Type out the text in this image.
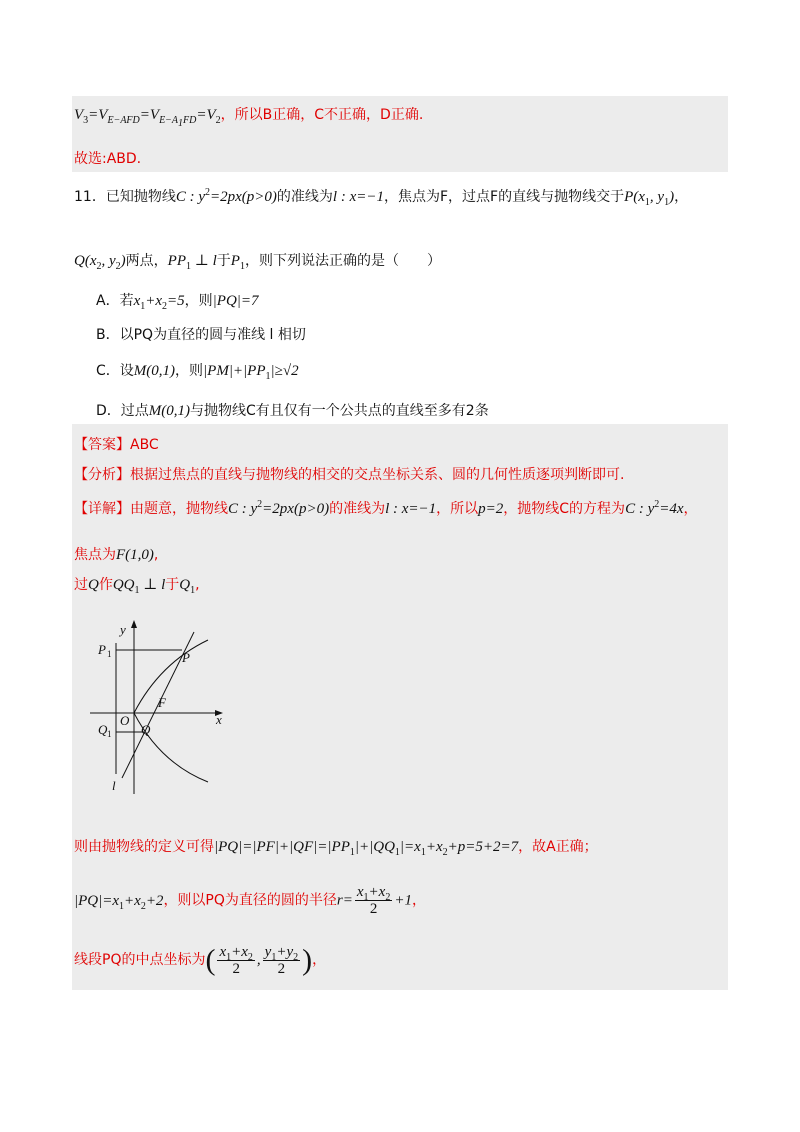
$V_3=V_{E-AFD}=V_{E-A_1FD}=V_2$，所以B正确，C不正确，D正确.
故选:ABD.
11．已知抛物线C : $y^2=2px(p>0)$的准线为l : x=−1，焦点为F，过点F的直线与抛物线交于$P(x_1$, $y_1$)，
$Q(x_2$, $y_2$)两点，$PP_1$ ⊥ l于$P_1$，则下列说法正确的是（　　）
A．若$x_1+x_2=5$，则|PQ|=7
B．以PQ为直径的圆与准线 l 相切
C．设M(0,1)，则$|PM|+|PP_1|\ge√2$
D．过点M(0,1)与抛物线C有且仅有一个公共点的直线至多有2条
【答案】ABC
【分析】根据过焦点的直线与抛物线的相交的交点坐标关系、圆的几何性质逐项判断即可.
【详解】由题意，抛物线C : $y^2=2px(p>0)$的准线为l : x=−1，所以p=2，抛物线C的方程为C : $y^2=4x$，
焦点为F(1,0),
过Q作$QQ_1$ ⊥ l于$Q_1$,
y
x
O
P
P 1
F
Q
Q 1
l
则由抛物线的定义可得$|PQ|=|PF|+|QF|=|PP_1|+|QQ_1|=x_1+x_2+p=5+2=7$，故A正确；
$|PQ|=x_1+x_2+2$，则以PQ为直径的圆的半径$r= \frac{x_1+x_2}{2} +1$，
线段PQ的中点坐标为( $\frac{x_1+x_2}{2}$ , $\frac{y_1+y_2}{2}$ )，
